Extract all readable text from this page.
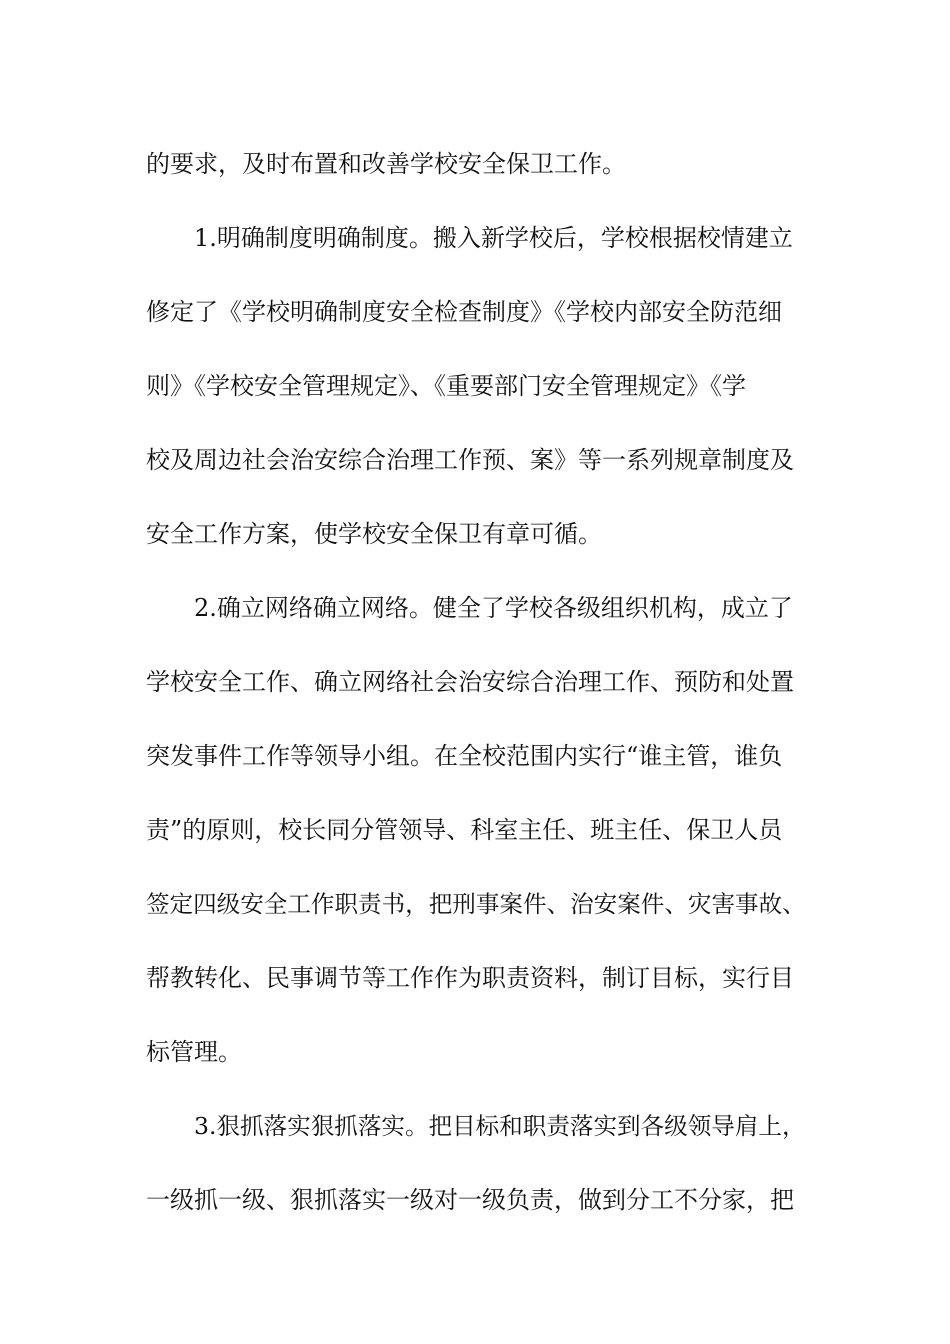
的要求，及时布置和改善学校安全保卫工作。
1.明确制度明确制度。搬入新学校后，学校根据校情建立
修定了《学校明确制度安全检查制度》《学校内部安全防范细
则》《学校安全管理规定》、《重要部门安全管理规定》《学
校及周边社会治安综合治理工作预、案》等一系列规章制度及
安全工作方案，使学校安全保卫有章可循。
2.确立网络确立网络。健全了学校各级组织机构，成立了
学校安全工作、确立网络社会治安综合治理工作、预防和处置
突发事件工作等领导小组。在全校范围内实行“谁主管，谁负
责”的原则，校长同分管领导、科室主任、班主任、保卫人员
签定四级安全工作职责书，把刑事案件、治安案件、灾害事故、
帮教转化、民事调节等工作作为职责资料，制订目标，实行目
标管理。
3.狠抓落实狠抓落实。把目标和职责落实到各级领导肩上，
一级抓一级、狠抓落实一级对一级负责，做到分工不分家，把
